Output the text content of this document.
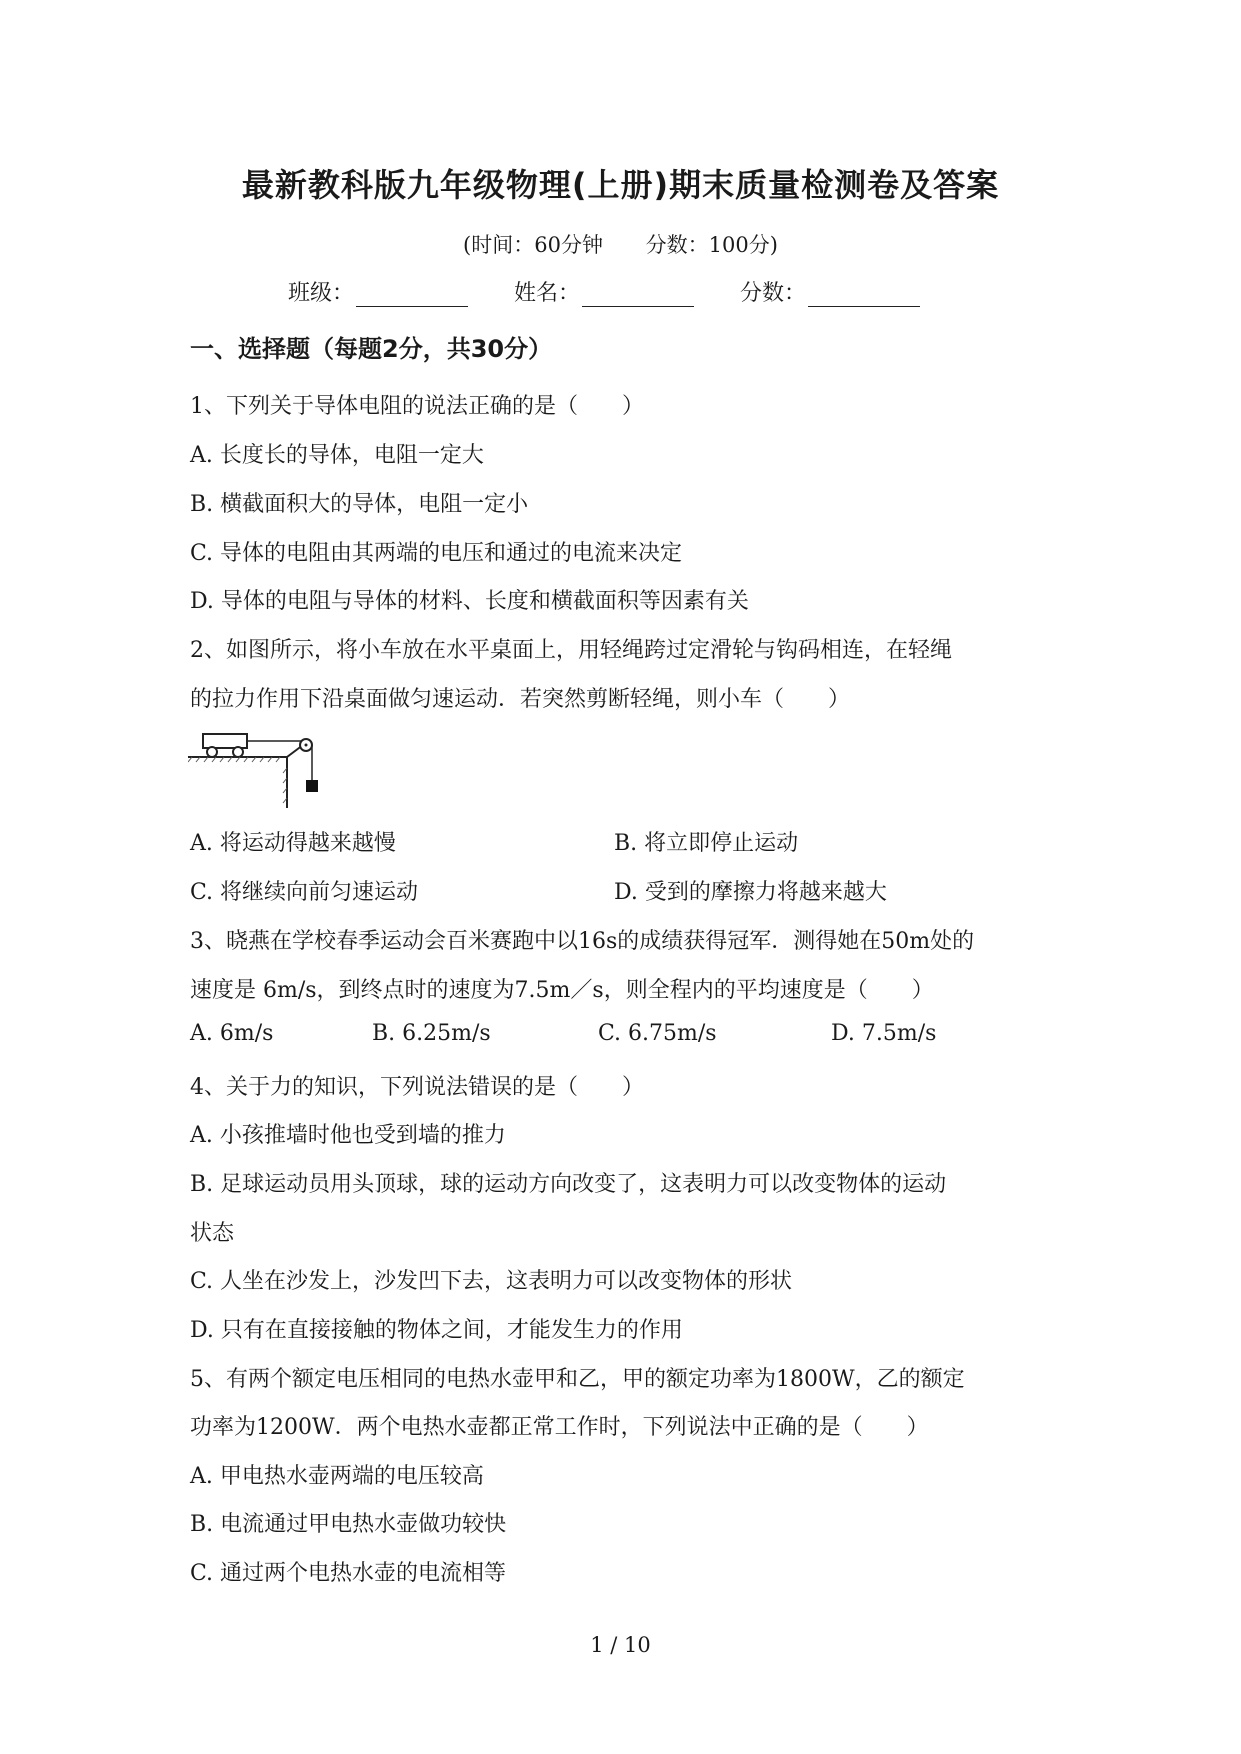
最新教科版九年级物理(上册)期末质量检测卷及答案
(时间：60分钟 分数：100分)
班级：	姓名：	分数：
一、选择题（每题2分，共30分）
1、下列关于导体电阻的说法正确的是（　　）
A. 长度长的导体，电阻一定大
B. 横截面积大的导体，电阻一定小
C. 导体的电阻由其两端的电压和通过的电流来决定
D. 导体的电阻与导体的材料、长度和横截面积等因素有关
2、如图所示，将小车放在水平桌面上，用轻绳跨过定滑轮与钩码相连，在轻绳
的拉力作用下沿桌面做匀速运动．若突然剪断轻绳，则小车（　　）
A. 将运动得越来越慢	B. 将立即停止运动
C. 将继续向前匀速运动	D. 受到的摩擦力将越来越大
3、晓燕在学校春季运动会百米赛跑中以16s的成绩获得冠军．测得她在50m处的
速度是 6m/s，到终点时的速度为7.5m／s，则全程内的平均速度是（　　）
A. 6m/s	B. 6.25m/s	C. 6.75m/s	D. 7.5m/s
4、关于力的知识，下列说法错误的是（　　）
A. 小孩推墙时他也受到墙的推力
B. 足球运动员用头顶球，球的运动方向改变了，这表明力可以改变物体的运动
状态
C. 人坐在沙发上，沙发凹下去，这表明力可以改变物体的形状
D. 只有在直接接触的物体之间，才能发生力的作用
5、有两个额定电压相同的电热水壶甲和乙，甲的额定功率为1800W，乙的额定
功率为1200W．两个电热水壶都正常工作时，下列说法中正确的是（　　）
A. 甲电热水壶两端的电压较高
B. 电流通过甲电热水壶做功较快
C. 通过两个电热水壶的电流相等
1 / 10
